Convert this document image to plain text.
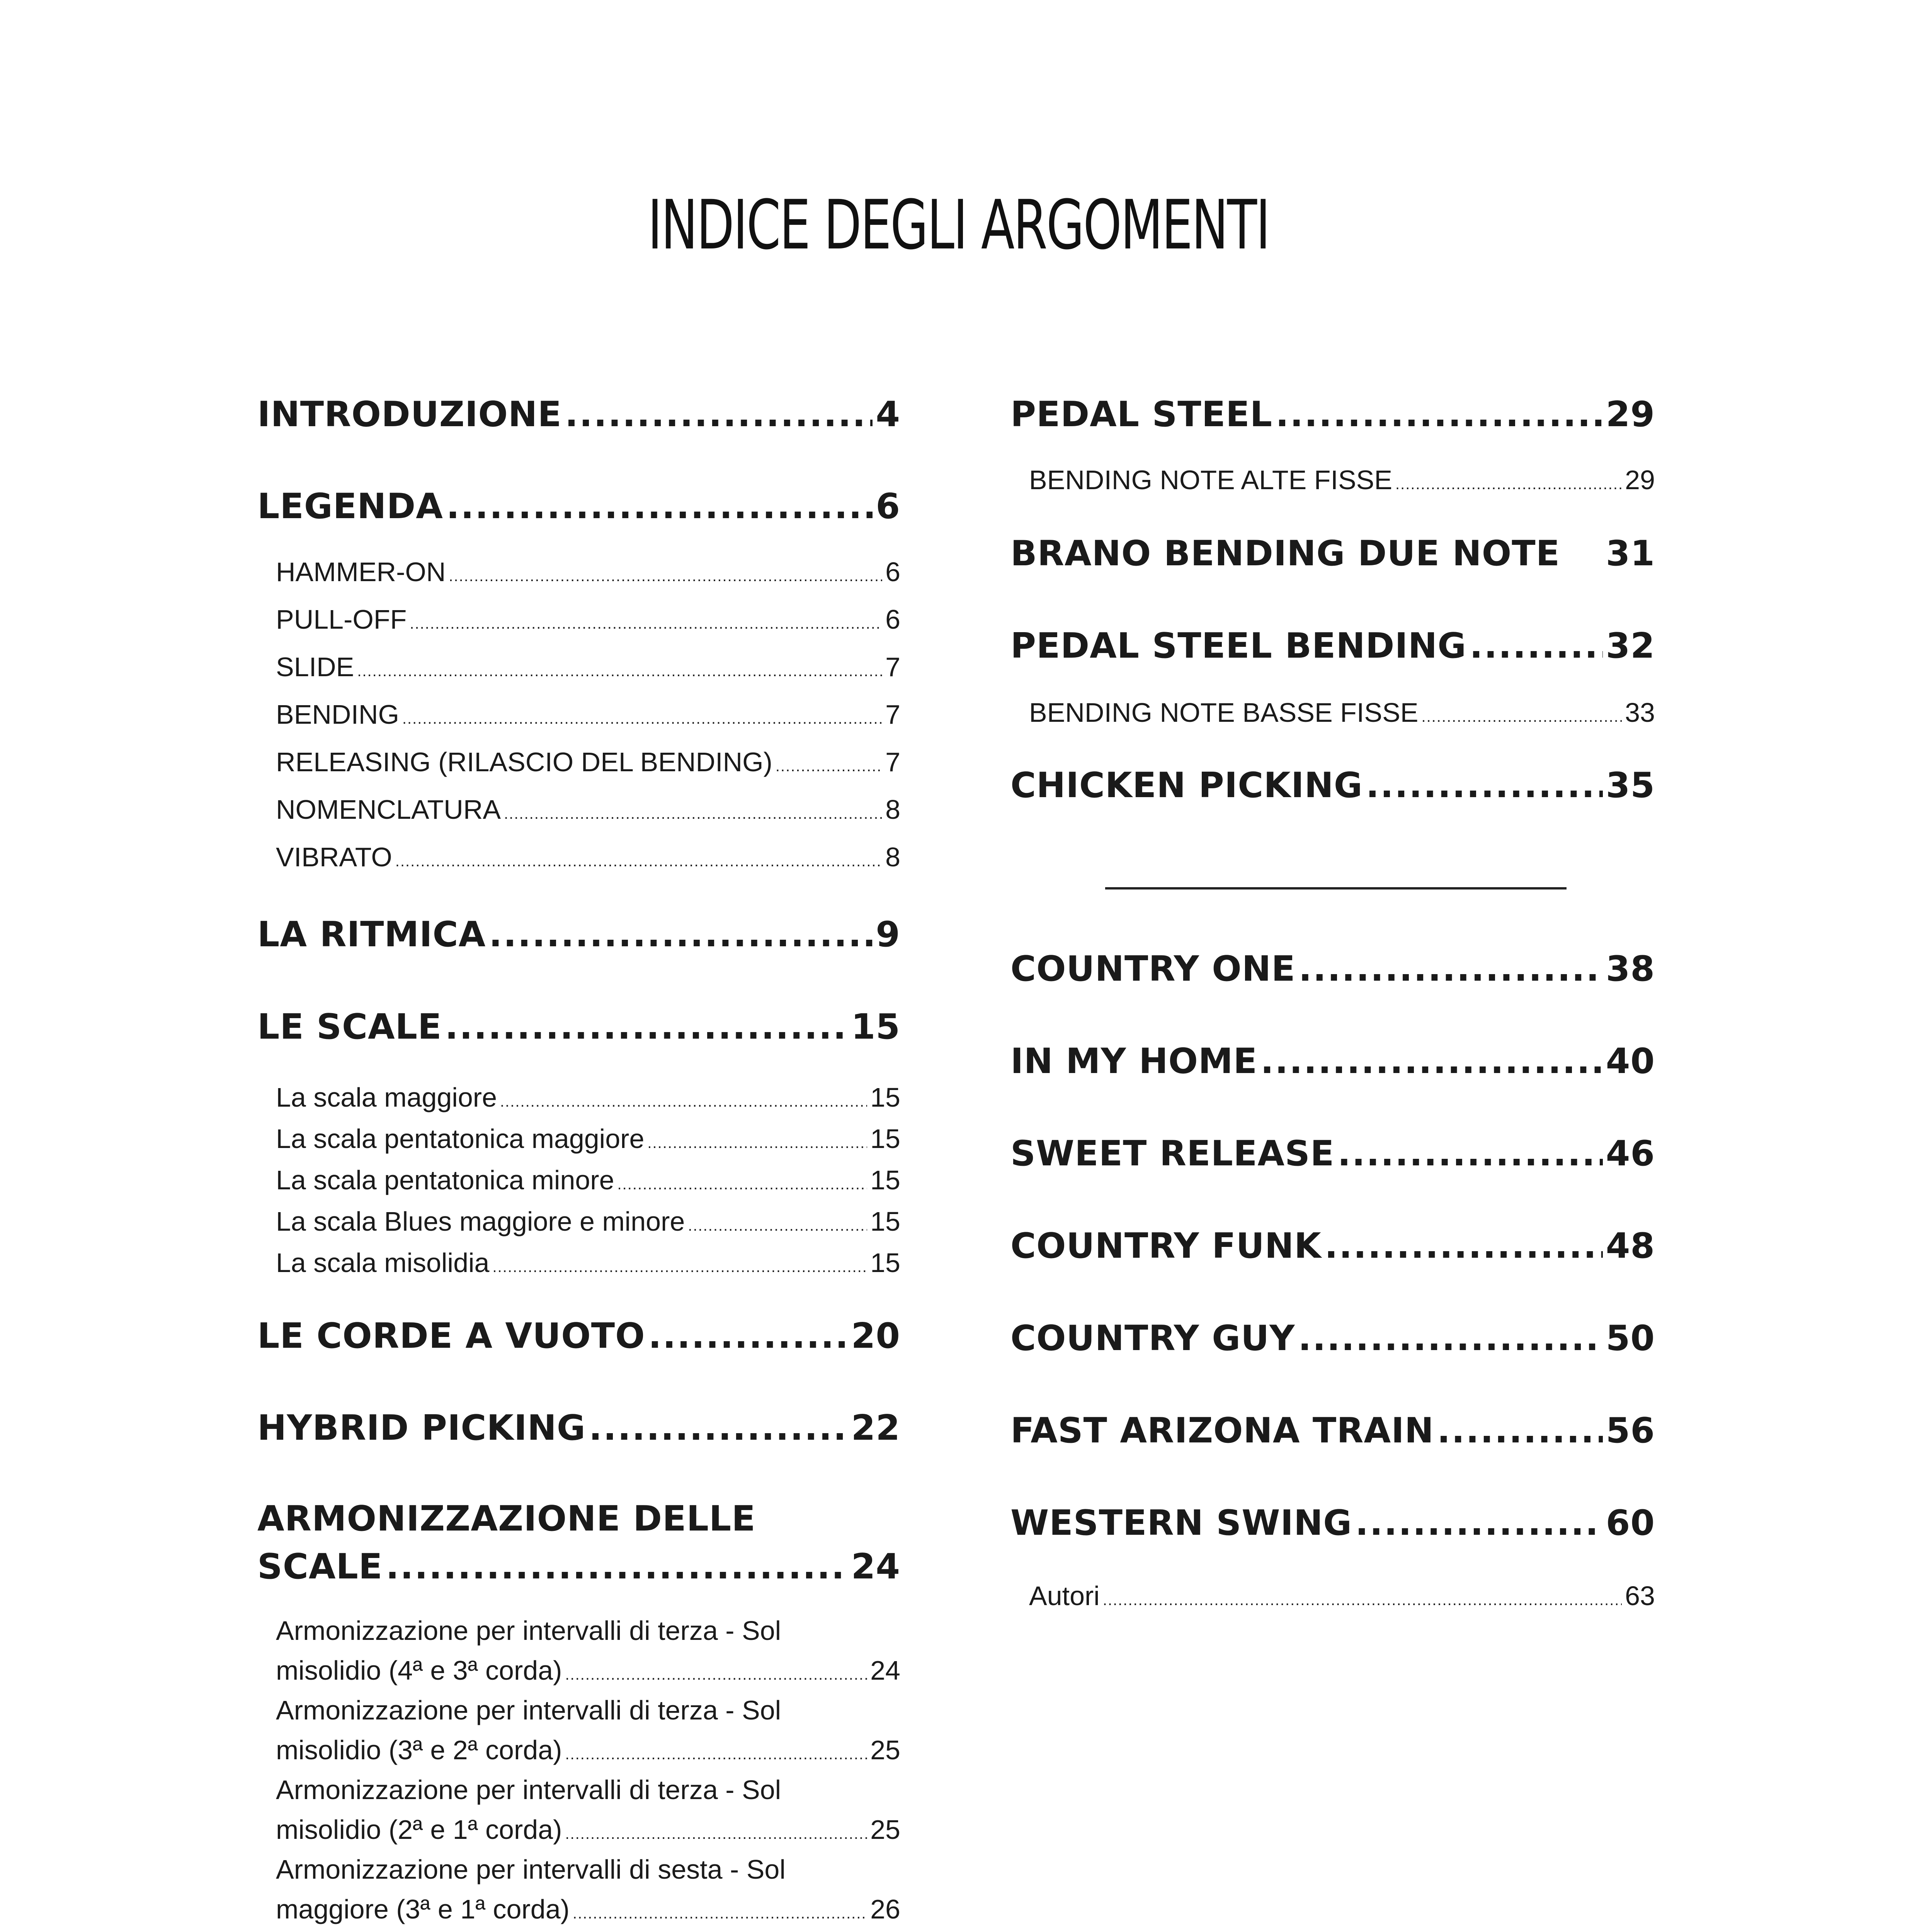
INDICE DEGLI ARGOMENTI
INTRODUZIONE .....	4
LEGENDA .....	6
HAMMER-ON .....	6
PULL-OFF .....	6
SLIDE .....	7
BENDING .....	7
RELEASING (RILASCIO DEL BENDING) .....	7
NOMENCLATURA .....	8
VIBRATO .....	8
LA RITMICA .....	9
LE SCALE .....	15
La scala maggiore .....	15
La scala pentatonica maggiore .....	15
La scala pentatonica minore .....	15
La scala Blues maggiore e minore .....	15
La scala misolidia .....	15
LE CORDE A VUOTO .....	20
HYBRID PICKING .....	22
ARMONIZZAZIONE DELLE
SCALE .....	24
Armonizzazione per intervalli di terza - Sol
misolidio (4ª e 3ª corda) .....	24
Armonizzazione per intervalli di terza - Sol
misolidio (3ª e 2ª corda) .....	25
Armonizzazione per intervalli di terza - Sol
misolidio (2ª e 1ª corda) .....	25
Armonizzazione per intervalli di sesta - Sol
maggiore (3ª e 1ª corda) .....	26
PEDAL STEEL .....	29
BENDING NOTE ALTE FISSE .....	29
BRANO BENDING DUE NOTE 31
PEDAL STEEL BENDING .....	32
BENDING NOTE BASSE FISSE .....	33
CHICKEN PICKING .....	35
COUNTRY ONE .....	38
IN MY HOME .....	40
SWEET RELEASE .....	46
COUNTRY FUNK .....	48
COUNTRY GUY .....	50
FAST ARIZONA TRAIN .....	56
WESTERN SWING .....	60
Autori .....	63
